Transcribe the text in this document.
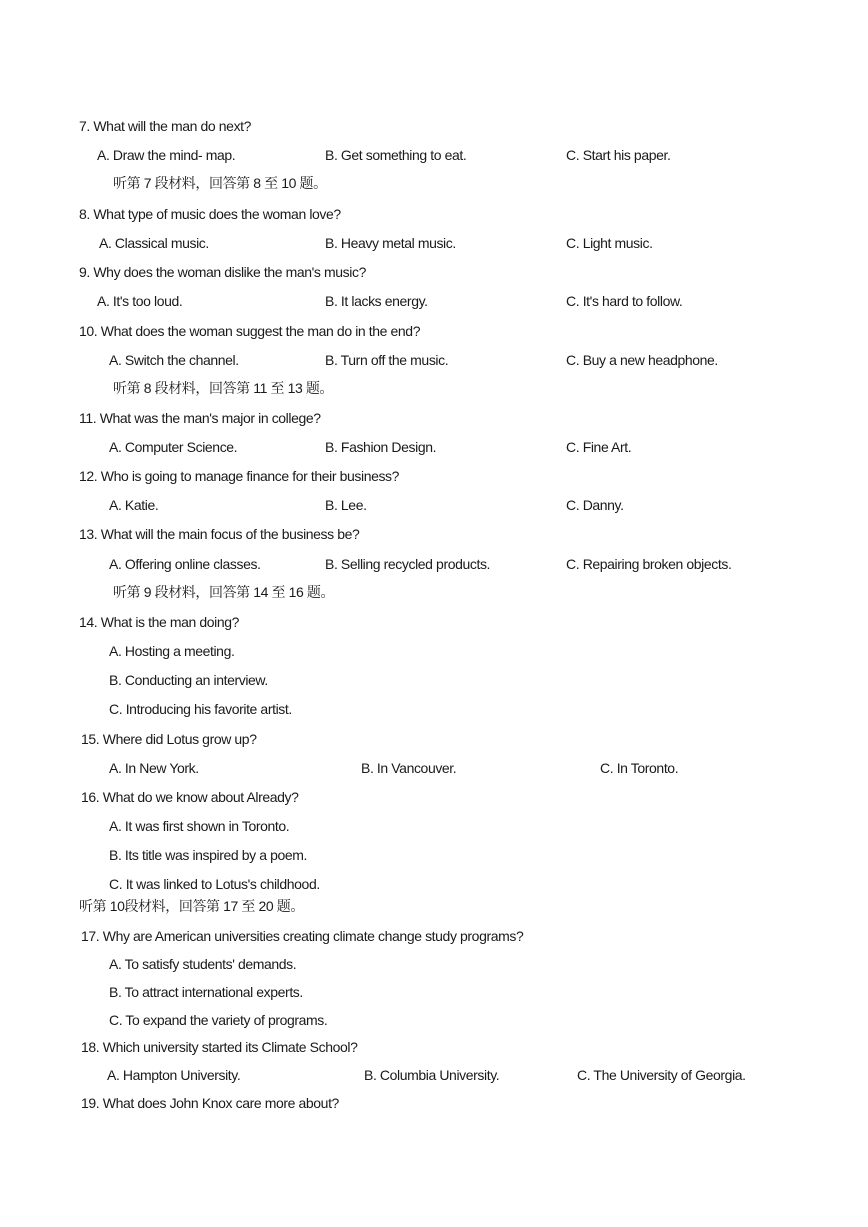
7. What will the man do next?
A. Draw the mind- map.	B. Get something to eat.	C. Start his paper.
听第 7 段材料，回答第 8 至 10 题。
8. What type of music does the woman love?
A. Classical music.	B. Heavy metal music.	C. Light music.
9. Why does the woman dislike the man's music?
A. It's too loud.	B. It lacks energy.	C. It's hard to follow.
10. What does the woman suggest the man do in the end?
A. Switch the channel.	B. Turn off the music.	C. Buy a new headphone.
听第 8 段材料，回答第 11 至 13 题。
11. What was the man's major in college?
A. Computer Science.	B. Fashion Design.	C. Fine Art.
12. Who is going to manage finance for their business?
A. Katie.	B. Lee.	C. Danny.
13. What will the main focus of the business be?
A. Offering online classes.	B. Selling recycled products.	C. Repairing broken objects.
听第 9 段材料，回答第 14 至 16 题。
14. What is the man doing?
A. Hosting a meeting.
B. Conducting an interview.
C. Introducing his favorite artist.
15. Where did Lotus grow up?
A. In New York.	B. In Vancouver.	C. In Toronto.
16. What do we know about Already?
A. It was first shown in Toronto.
B. Its title was inspired by a poem.
C. It was linked to Lotus's childhood.
听第 10段材料，回答第 17 至 20 题。
17. Why are American universities creating climate change study programs?
A. To satisfy students' demands.
B. To attract international experts.
C. To expand the variety of programs.
18. Which university started its Climate School?
A. Hampton University.	B. Columbia University.	C. The University of Georgia.
19. What does John Knox care more about?
